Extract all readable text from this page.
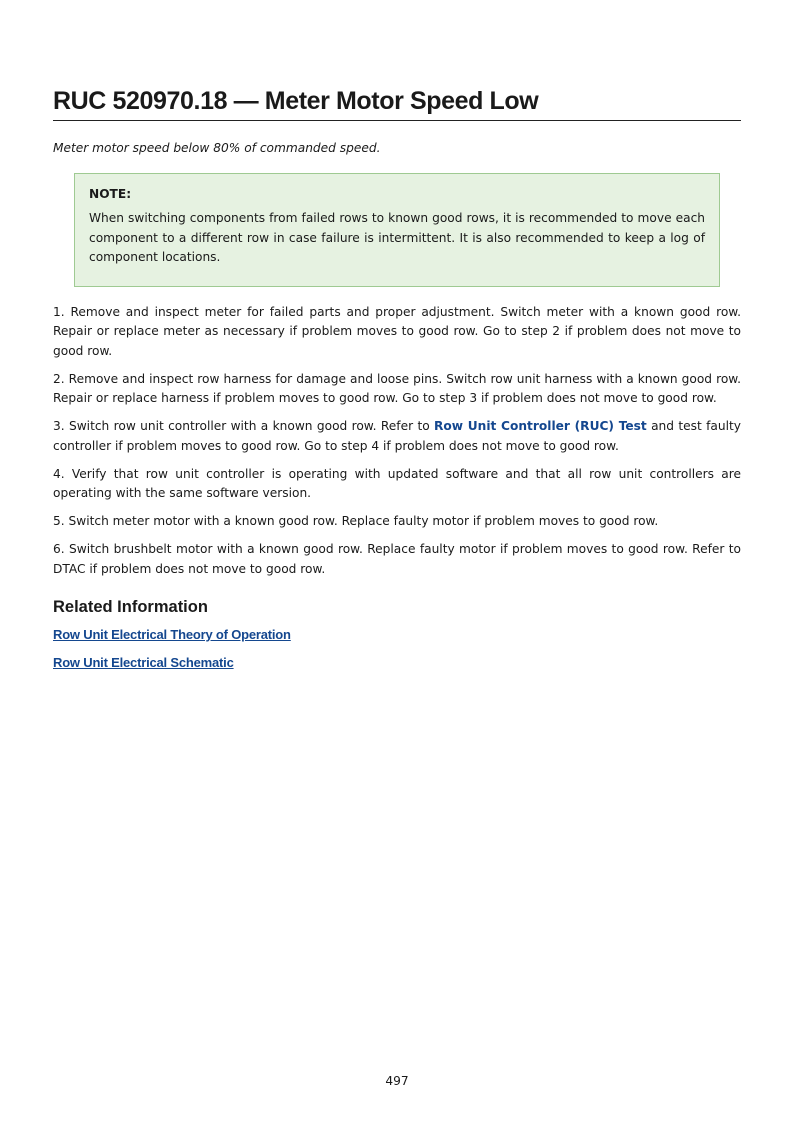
RUC 520970.18 — Meter Motor Speed Low

Meter motor speed below 80% of commanded speed.

NOTE:

When switching components from failed rows to known good rows, it is recommended to move each component to a different row in case failure is intermittent. It is also recommended to keep a log of component locations.

1. Remove and inspect meter for failed parts and proper adjustment. Switch meter with a known good row. Repair or replace meter as necessary if problem moves to good row. Go to step 2 if problem does not move to good row.

2. Remove and inspect row harness for damage and loose pins. Switch row unit harness with a known good row. Repair or replace harness if problem moves to good row. Go to step 3 if problem does not move to good row.

3. Switch row unit controller with a known good row. Refer to Row Unit Controller (RUC) Test and test faulty controller if problem moves to good row. Go to step 4 if problem does not move to good row.

4. Verify that row unit controller is operating with updated software and that all row unit controllers are operating with the same software version.

5. Switch meter motor with a known good row. Replace faulty motor if problem moves to good row.

6. Switch brushbelt motor with a known good row. Replace faulty motor if problem moves to good row. Refer to DTAC if problem does not move to good row.

Related Information
Row Unit Electrical Theory of Operation
Row Unit Electrical Schematic
497
